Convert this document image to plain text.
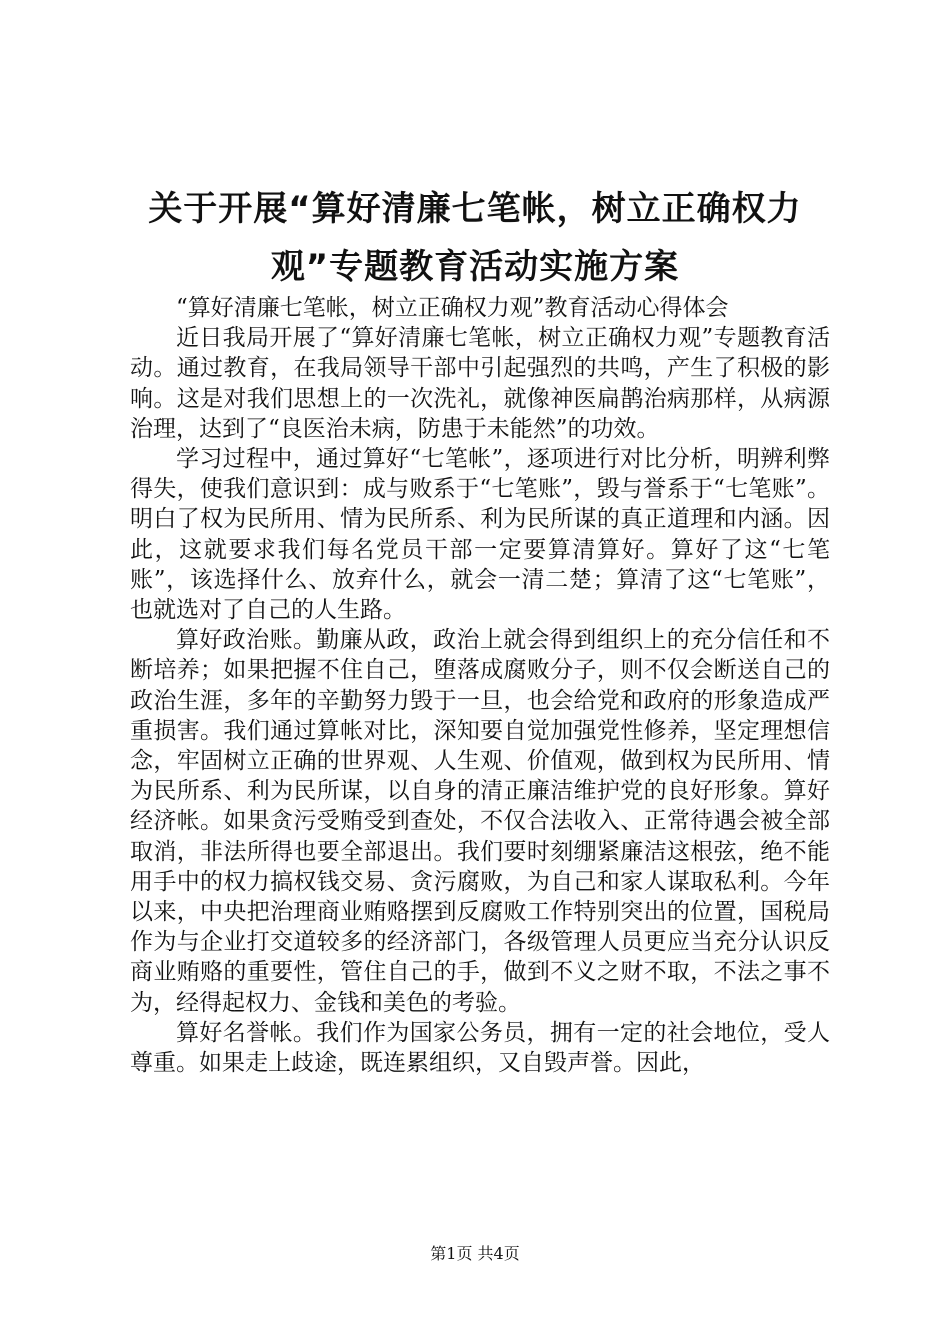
关于开展“算好清廉七笔帐，树立正确权力
观”专题教育活动实施方案

“算好清廉七笔帐，树立正确权力观”教育活动心得体会

近日我局开展了“算好清廉七笔帐，树立正确权力观”专题教育活动。通过教育，在我局领导干部中引起强烈的共鸣，产生了积极的影响。这是对我们思想上的一次洗礼，就像神医扁鹊治病那样，从病源治理，达到了“良医治未病，防患于未能然”的功效。

学习过程中，通过算好“七笔帐”，逐项进行对比分析，明辨利弊得失，使我们意识到：成与败系于“七笔账”，毁与誉系于“七笔账”。明白了权为民所用、情为民所系、利为民所谋的真正道理和内涵。因此，这就要求我们每名党员干部一定要算清算好。算好了这“七笔账”，该选择什么、放弃什么，就会一清二楚；算清了这“七笔账”，也就选对了自己的人生路。

算好政治账。勤廉从政，政治上就会得到组织上的充分信任和不断培养；如果把握不住自己，堕落成腐败分子，则不仅会断送自己的政治生涯，多年的辛勤努力毁于一旦，也会给党和政府的形象造成严重损害。我们通过算帐对比，深知要自觉加强党性修养，坚定理想信念，牢固树立正确的世界观、人生观、价值观，做到权为民所用、情为民所系、利为民所谋，以自身的清正廉洁维护党的良好形象。算好经济帐。如果贪污受贿受到查处，不仅合法收入、正常待遇会被全部取消，非法所得也要全部退出。我们要时刻绷紧廉洁这根弦，绝不能用手中的权力搞权钱交易、贪污腐败，为自己和家人谋取私利。今年以来，中央把治理商业贿赂摆到反腐败工作特别突出的位置，国税局作为与企业打交道较多的经济部门，各级管理人员更应当充分认识反商业贿赂的重要性，管住自己的手，做到不义之财不取，不法之事不为，经得起权力、金钱和美色的考验。

算好名誉帐。我们作为国家公务员，拥有一定的社会地位，受人尊重。如果走上歧途，既连累组织，又自毁声誉。因此，

第1页 共4页
